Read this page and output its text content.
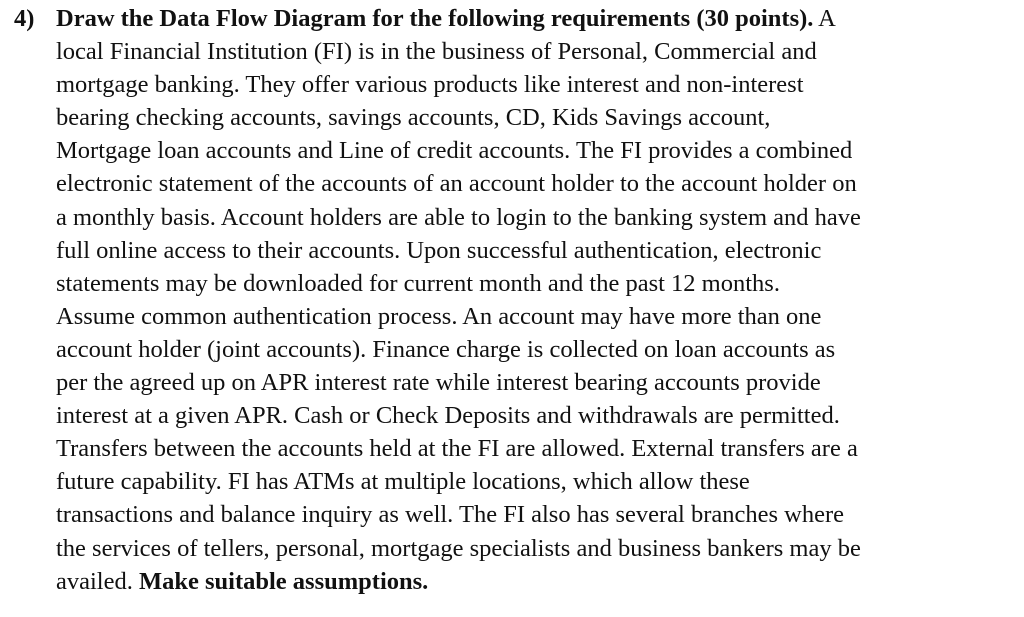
4) Draw the Data Flow Diagram for the following requirements (30 points). A
local Financial Institution (FI) is in the business of Personal, Commercial and
mortgage banking. They offer various products like interest and non-interest
bearing checking accounts, savings accounts, CD, Kids Savings account,
Mortgage loan accounts and Line of credit accounts. The FI provides a combined
electronic statement of the accounts of an account holder to the account holder on
a monthly basis. Account holders are able to login to the banking system and have
full online access to their accounts. Upon successful authentication, electronic
statements may be downloaded for current month and the past 12 months.
Assume common authentication process. An account may have more than one
account holder (joint accounts). Finance charge is collected on loan accounts as
per the agreed up on APR interest rate while interest bearing accounts provide
interest at a given APR. Cash or Check Deposits and withdrawals are permitted.
Transfers between the accounts held at the FI are allowed. External transfers are a
future capability. FI has ATMs at multiple locations, which allow these
transactions and balance inquiry as well. The FI also has several branches where
the services of tellers, personal, mortgage specialists and business bankers may be
availed. Make suitable assumptions.
